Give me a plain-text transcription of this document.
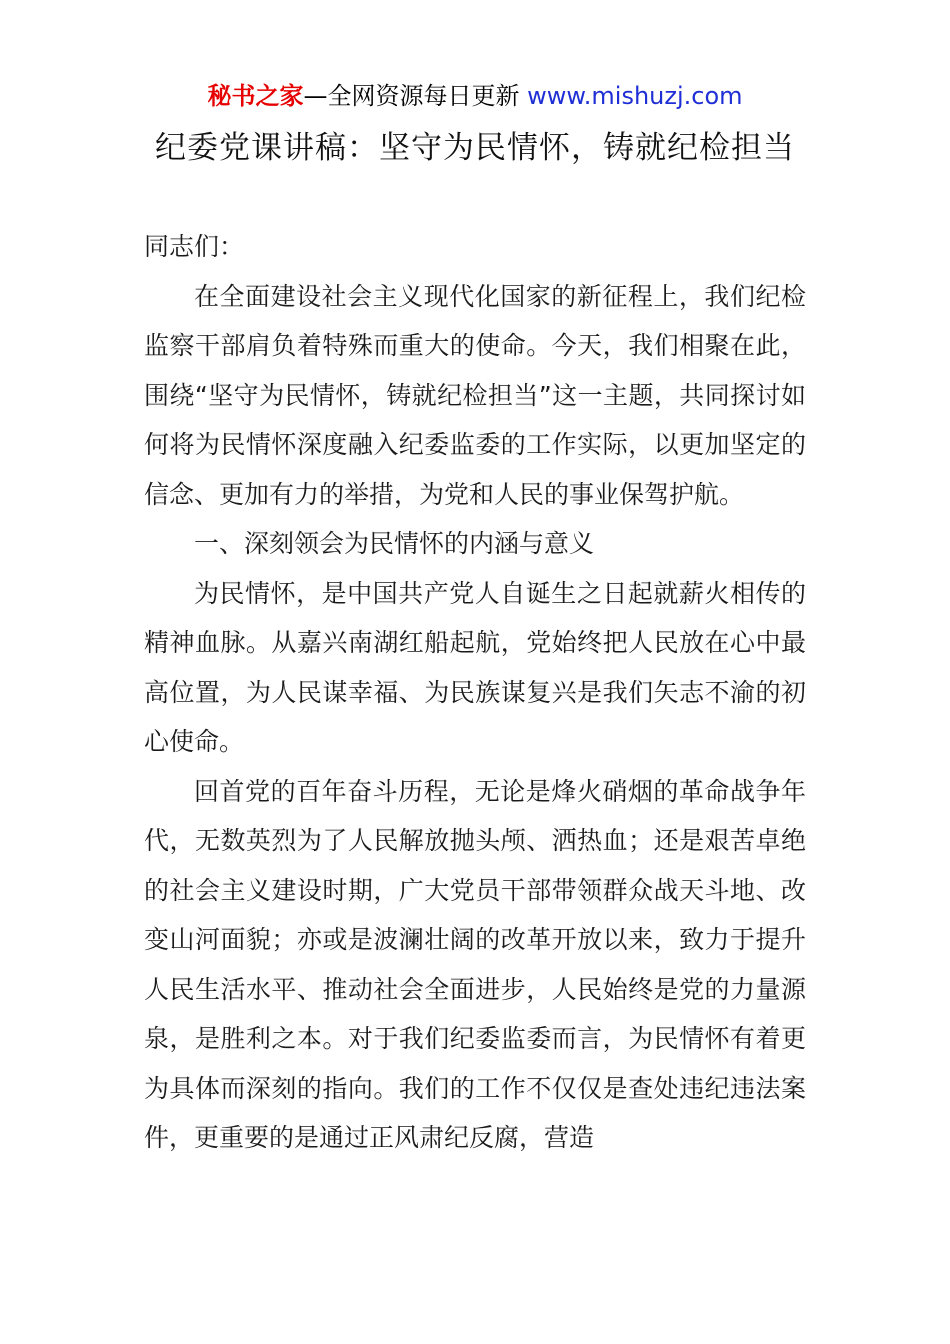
秘书之家—全网资源每日更新 www.mishuzj.com
纪委党课讲稿：坚守为民情怀，铸就纪检担当

同志们：

在全面建设社会主义现代化国家的新征程上，我们纪检监察干部肩负着特殊而重大的使命。今天，我们相聚在此，围绕“坚守为民情怀，铸就纪检担当”这一主题，共同探讨如何将为民情怀深度融入纪委监委的工作实际，以更加坚定的信念、更加有力的举措，为党和人民的事业保驾护航。

一、深刻领会为民情怀的内涵与意义

为民情怀，是中国共产党人自诞生之日起就薪火相传的精神血脉。从嘉兴南湖红船起航，党始终把人民放在心中最高位置，为人民谋幸福、为民族谋复兴是我们矢志不渝的初心使命。

回首党的百年奋斗历程，无论是烽火硝烟的革命战争年代，无数英烈为了人民解放抛头颅、洒热血；还是艰苦卓绝的社会主义建设时期，广大党员干部带领群众战天斗地、改变山河面貌；亦或是波澜壮阔的改革开放以来，致力于提升人民生活水平、推动社会全面进步，人民始终是党的力量源泉，是胜利之本。对于我们纪委监委而言，为民情怀有着更为具体而深刻的指向。我们的工作不仅仅是查处违纪违法案件，更重要的是通过正风肃纪反腐，营造
